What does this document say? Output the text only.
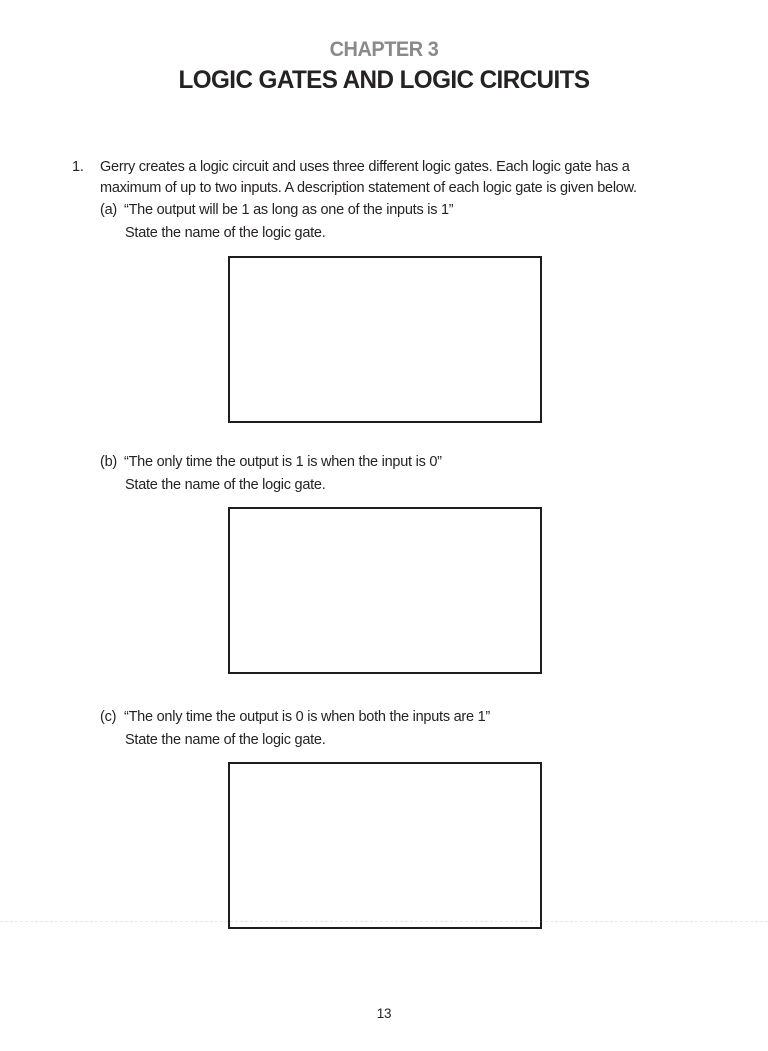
CHAPTER 3
LOGIC GATES AND LOGIC CIRCUITS
1. Gerry creates a logic circuit and uses three different logic gates. Each logic gate has a
maximum of up to two inputs. A description statement of each logic gate is given below.
(a) “The output will be 1 as long as one of the inputs is 1”
State the name of the logic gate.
(b) “The only time the output is 1 is when the input is 0”
State the name of the logic gate.
(c) “The only time the output is 0 is when both the inputs are 1”
State the name of the logic gate.
13
